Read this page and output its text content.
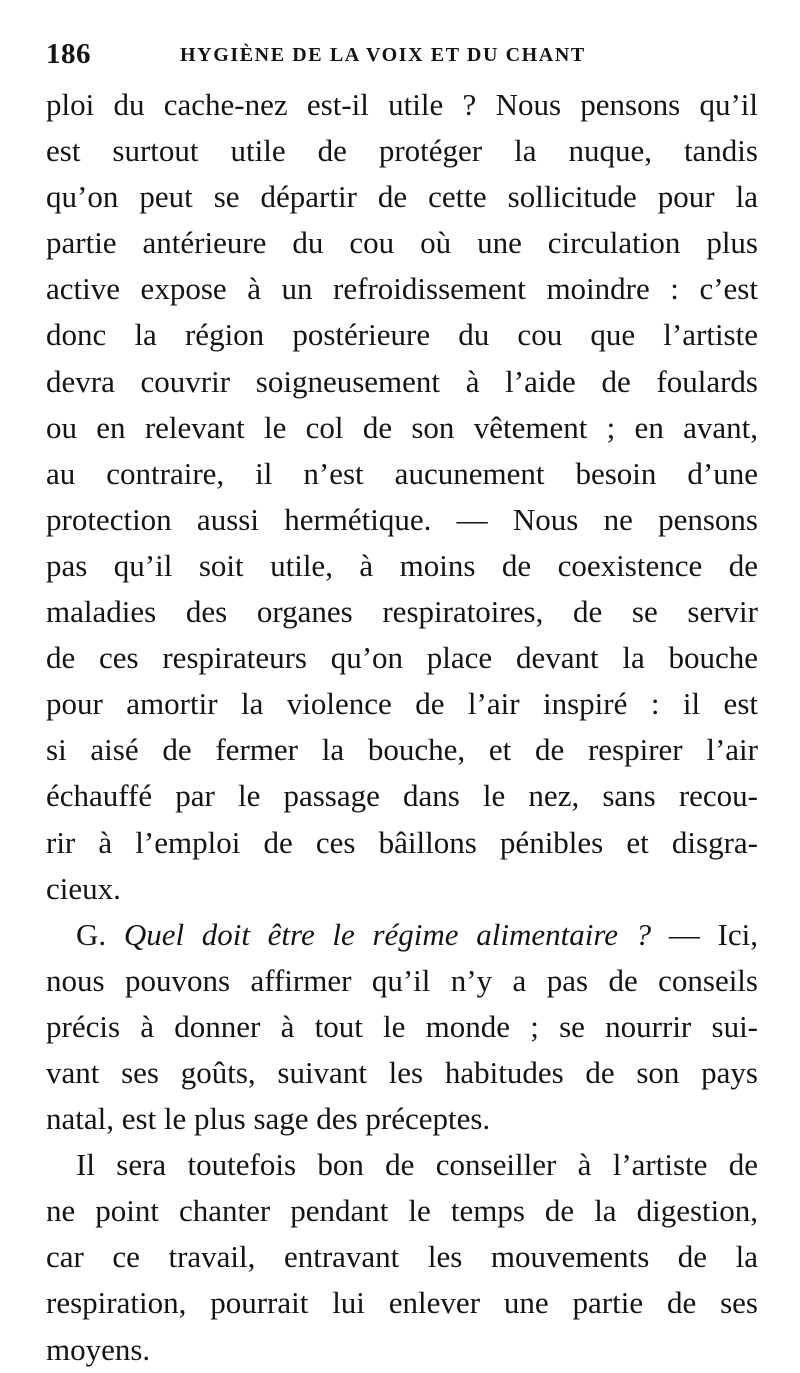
186	HYGIÈNE DE LA VOIX ET DU CHANT
ploi du cache-nez est-il utile ? Nous pensons qu’il
est surtout utile de protéger la nuque, tandis
qu’on peut se départir de cette sollicitude pour la
partie antérieure du cou où une circulation plus
active expose à un refroidissement moindre : c’est
donc la région postérieure du cou que l’artiste
devra couvrir soigneusement à l’aide de foulards
ou en relevant le col de son vêtement ; en avant,
au contraire, il n’est aucunement besoin d’une
protection aussi hermétique. — Nous ne pensons
pas qu’il soit utile, à moins de coexistence de
maladies des organes respiratoires, de se servir
de ces respirateurs qu’on place devant la bouche
pour amortir la violence de l’air inspiré : il est
si aisé de fermer la bouche, et de respirer l’air
échauffé par le passage dans le nez, sans recou-
rir à l’emploi de ces bâillons pénibles et disgra-
cieux.
G. Quel doit être le régime alimentaire ? — Ici,
nous pouvons affirmer qu’il n’y a pas de conseils
précis à donner à tout le monde ; se nourrir sui-
vant ses goûts, suivant les habitudes de son pays
natal, est le plus sage des préceptes.
Il sera toutefois bon de conseiller à l’artiste de
ne point chanter pendant le temps de la digestion,
car ce travail, entravant les mouvements de la
respiration, pourrait lui enlever une partie de ses
moyens.
